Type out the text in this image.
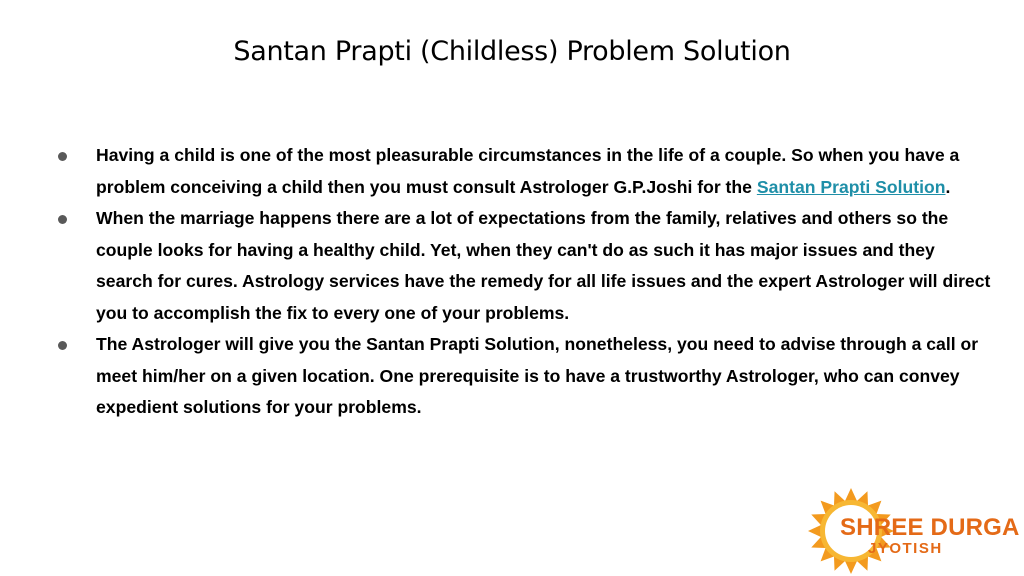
Santan Prapti (Childless) Problem Solution
Having a child is one of the most pleasurable circumstances in the life of a couple. So when you have a problem conceiving a child then you must consult Astrologer G.P.Joshi for the Santan Prapti Solution.
When the marriage happens there are a lot of expectations from the family, relatives and others so the couple looks for having a healthy child. Yet, when they can't do as such it has major issues and they search for cures. Astrology services have the remedy for all life issues and the expert Astrologer will direct you to accomplish the fix to every one of your problems.
The Astrologer will give you the Santan Prapti Solution, nonetheless, you need to advise through a call or meet him/her on a given location. One prerequisite is to have a trustworthy Astrologer, who can convey expedient solutions for your problems.
SHREE DURGA
JYOTISH
